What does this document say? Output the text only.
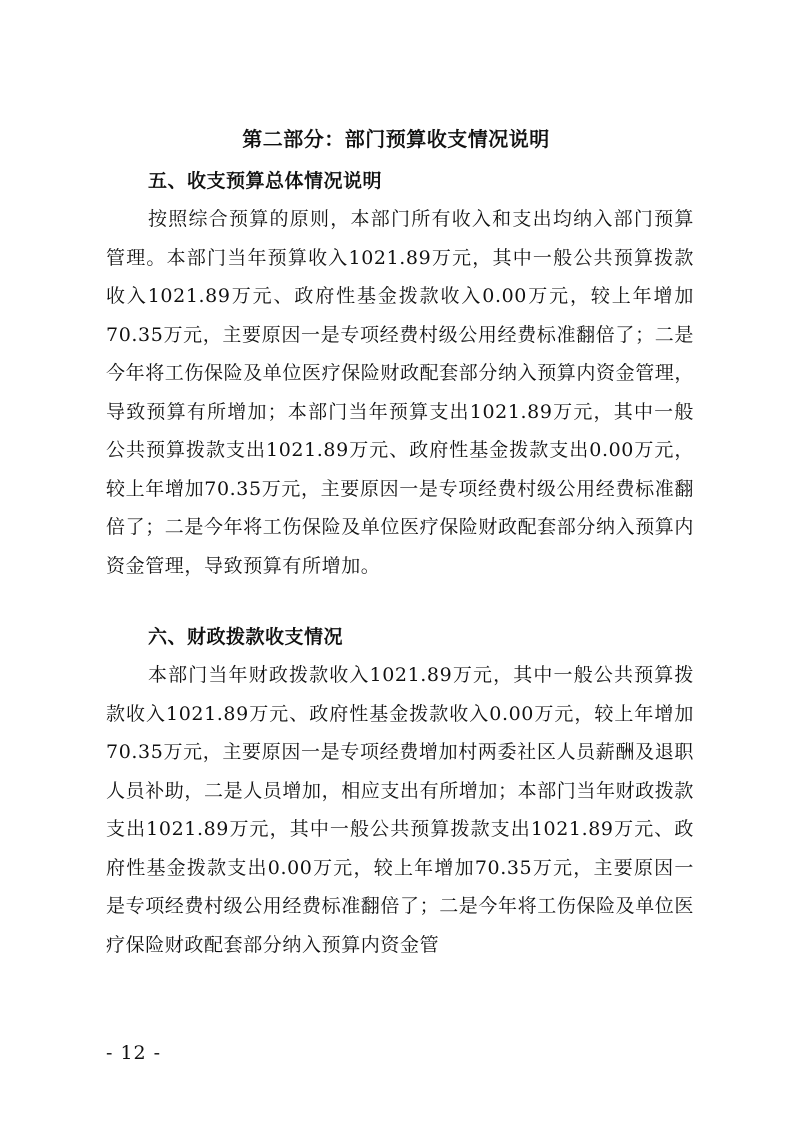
第二部分：部门预算收支情况说明
五、收支预算总体情况说明
按照综合预算的原则，本部门所有收入和支出均纳入部门预算管理。本部门当年预算收入1021.89万元，其中一般公共预算拨款收入1021.89万元、政府性基金拨款收入0.00万元，较上年增加70.35万元，主要原因一是专项经费村级公用经费标准翻倍了；二是今年将工伤保险及单位医疗保险财政配套部分纳入预算内资金管理，导致预算有所增加；本部门当年预算支出1021.89万元，其中一般公共预算拨款支出1021.89万元、政府性基金拨款支出0.00万元，较上年增加70.35万元，主要原因一是专项经费村级公用经费标准翻倍了；二是今年将工伤保险及单位医疗保险财政配套部分纳入预算内资金管理，导致预算有所增加。
六、财政拨款收支情况
本部门当年财政拨款收入1021.89万元，其中一般公共预算拨款收入1021.89万元、政府性基金拨款收入0.00万元，较上年增加70.35万元，主要原因一是专项经费增加村两委社区人员薪酬及退职人员补助，二是人员增加，相应支出有所增加；本部门当年财政拨款支出1021.89万元，其中一般公共预算拨款支出1021.89万元、政府性基金拨款支出0.00万元，较上年增加70.35万元，主要原因一是专项经费村级公用经费标准翻倍了；二是今年将工伤保险及单位医疗保险财政配套部分纳入预算内资金管
- 12 -
